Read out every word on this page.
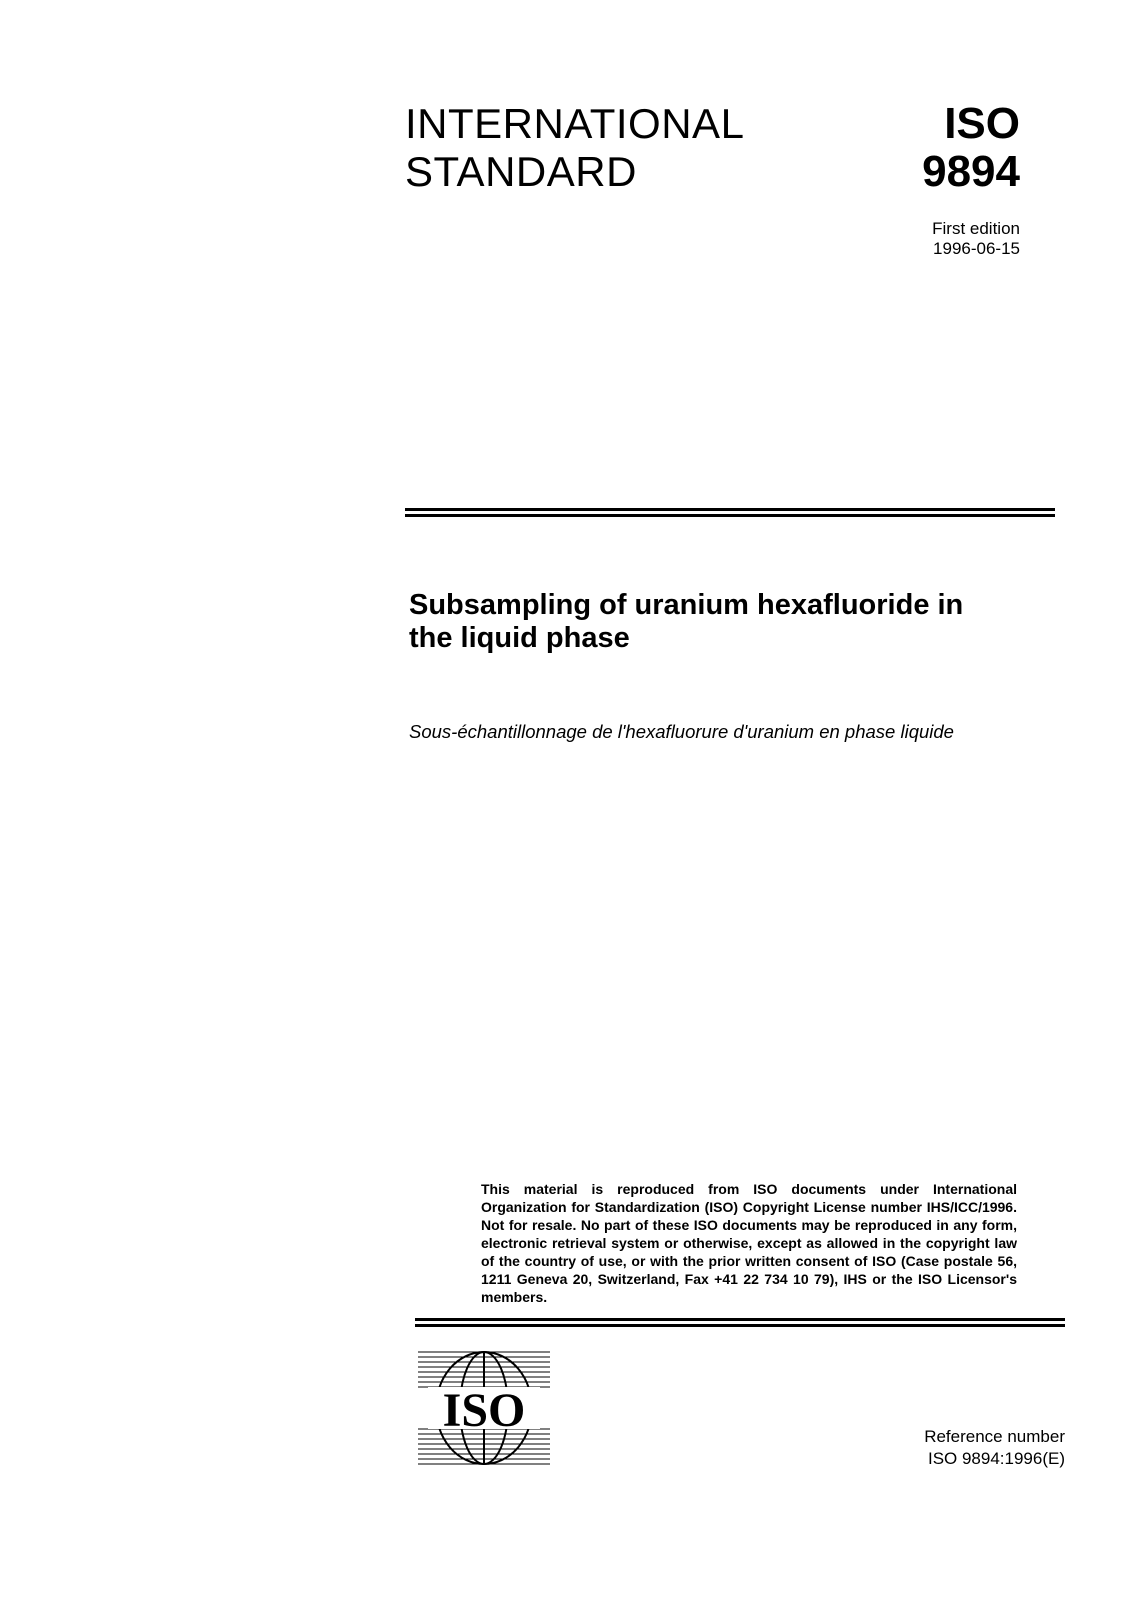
INTERNATIONAL
STANDARD
ISO
9894
First edition
1996-06-15
Subsampling of uranium hexafluoride in
the liquid phase
Sous-échantillonnage de l'hexafluorure d'uranium en phase liquide
This material is reproduced from ISO documents under International Organization for Standardization (ISO) Copyright License number IHS/ICC/1996. Not for resale. No part of these ISO documents may be reproduced in any form, electronic retrieval system or otherwise, except as allowed in the copyright law of the country of use, or with the prior written consent of ISO (Case postale 56, 1211 Geneva 20, Switzerland, Fax +41 22 734 10 79), IHS or the ISO Licensor's members.
ISO	Reference number
ISO 9894:1996(E)
